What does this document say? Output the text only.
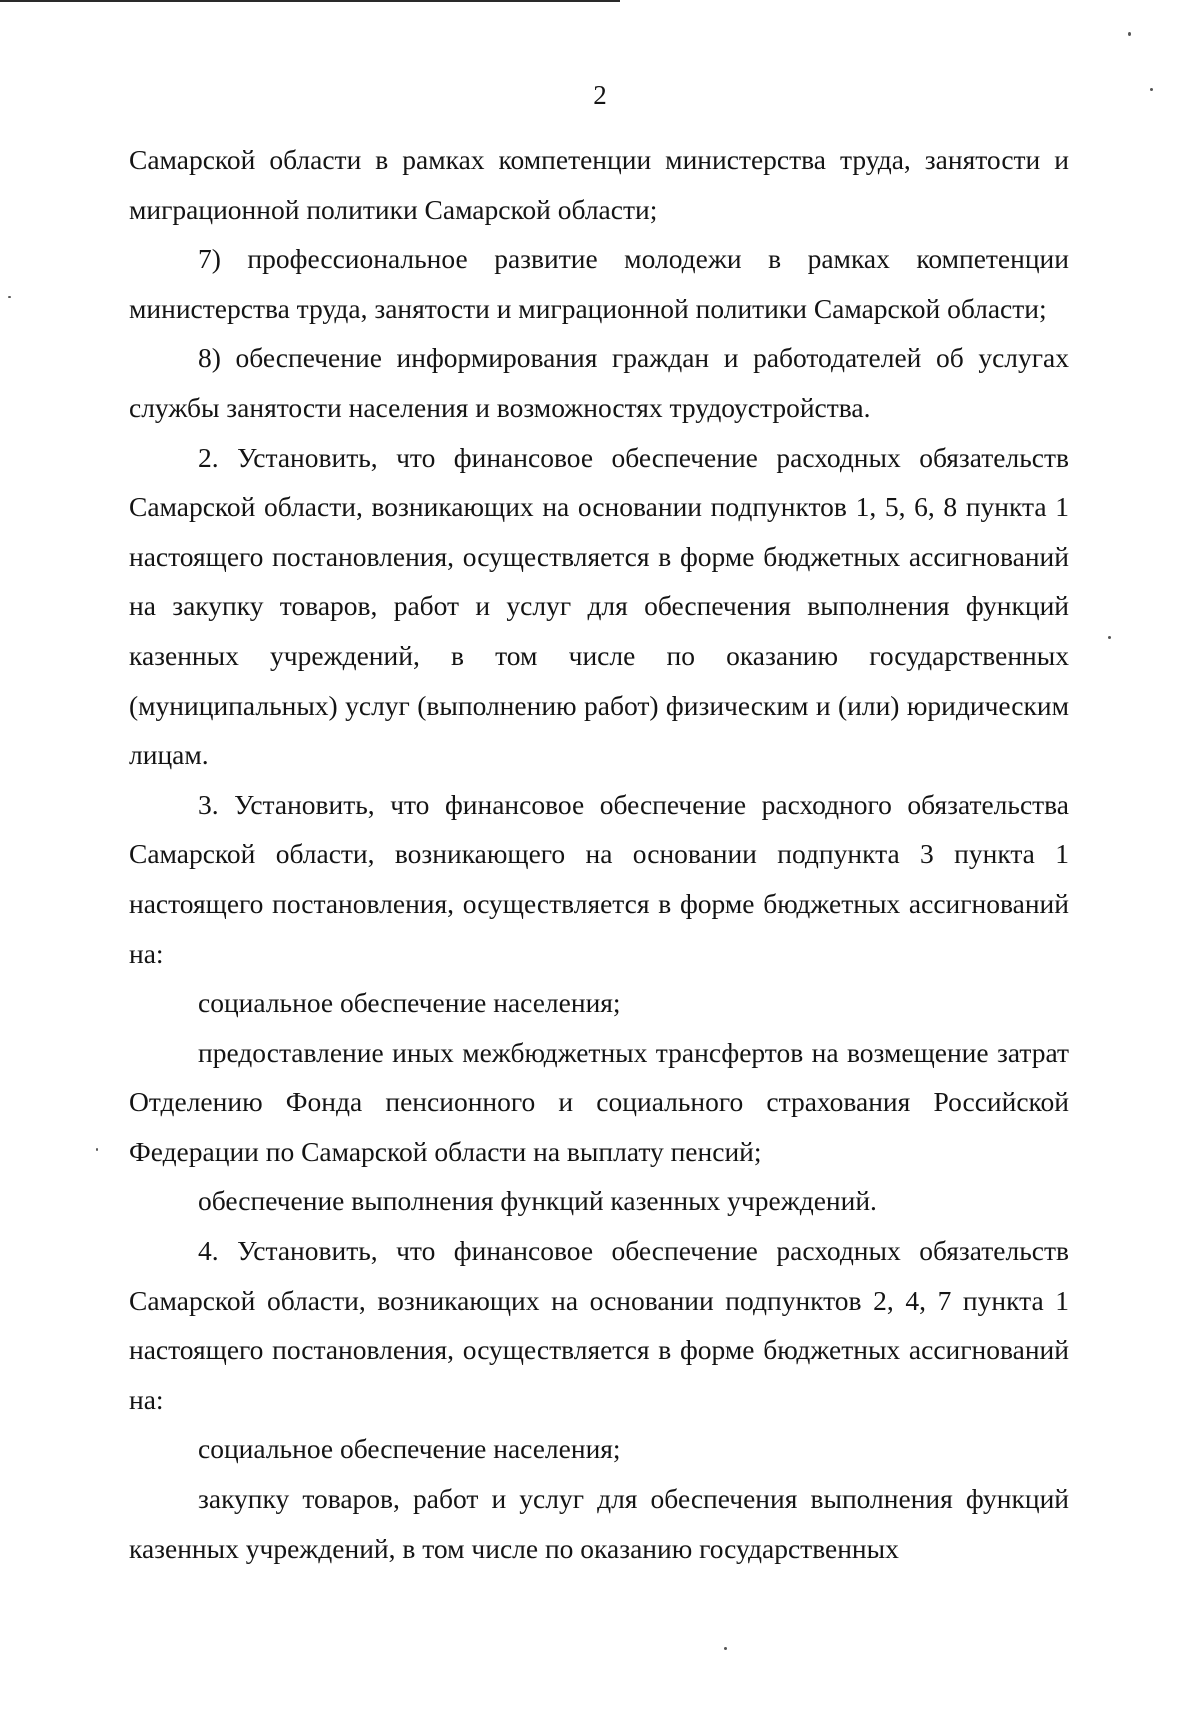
2

Самарской области в рамках компетенции министерства труда, занятости и миграционной политики Самарской области;

7) профессиональное развитие молодежи в рамках компетенции министерства труда, занятости и миграционной политики Самарской области;

8) обеспечение информирования граждан и работодателей об услугах службы занятости населения и возможностях трудоустройства.

2. Установить, что финансовое обеспечение расходных обязательств Самарской области, возникающих на основании подпунктов 1, 5, 6, 8 пункта 1 настоящего постановления, осуществляется в форме бюджетных ассигнований на закупку товаров, работ и услуг для обеспечения выполнения функций казенных учреждений, в том числе по оказанию государственных (муниципальных) услуг (выполнению работ) физическим и (или) юридическим лицам.

3. Установить, что финансовое обеспечение расходного обязательства Самарской области, возникающего на основании подпункта 3 пункта 1 настоящего постановления, осуществляется в форме бюджетных ассигнований на:

социальное обеспечение населения;

предоставление иных межбюджетных трансфертов на возмещение затрат Отделению Фонда пенсионного и социального страхования Российской Федерации по Самарской области на выплату пенсий;

обеспечение выполнения функций казенных учреждений.

4. Установить, что финансовое обеспечение расходных обязательств Самарской области, возникающих на основании подпунктов 2, 4, 7 пункта 1 настоящего постановления, осуществляется в форме бюджетных ассигнований на:

социальное обеспечение населения;

закупку товаров, работ и услуг для обеспечения выполнения функций казенных учреждений, в том числе по оказанию государственных
